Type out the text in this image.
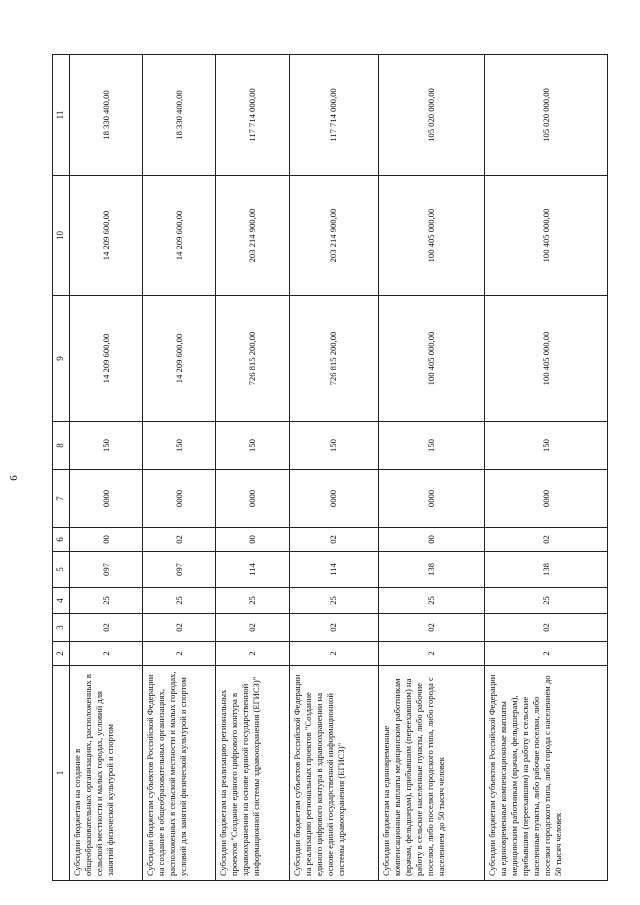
6
1	2	3	4	5	6	7	8	9	10	11
Субсидии бюджетам на создание в общеобразовательных организациях, расположенных в сельской местности и малых городах, условий для занятий физической культурой и спортом	2	02	25	097	00	0000	150	14 209 600,00	14 209 600,00	18 330 400,00
Субсидии бюджетам субъектов Российской Федерации на создание в общеобразовательных организациях, расположенных в сельской местности и малых городах, условий для занятий физической культурой и спортом	2	02	25	097	02	0000	150	14 209 600,00	14 209 600,00	18 330 400,00
Субсидии бюджетам на реализацию региональных проектов "Создание единого цифрового контура в здравоохранении на основе единой государственной информационной системы здравоохранения (ЕГИСЗ)"	2	02	25	114	00	0000	150	726 815 200,00	203 214 900,00	117 714 000,00
Субсидии бюджетам субъектов Российской Федерации на реализацию региональных проектов "Создание единого цифрового контура в здравоохранении на основе единой государственной информационной системы здравоохранения (ЕГИСЗ)"	2	02	25	114	02	0000	150	726 815 200,00	203 214 900,00	117 714 000,00
Субсидии бюджетам на единовременные компенсационные выплаты медицинским работникам (врачам, фельдшерам), прибывшим (переехавшим) на работу в сельские населенные пункты, либо рабочие поселки, либо поселки городского типа, либо города с населением до 50 тысяч человек	2	02	25	138	00	0000	150	100 405 000,00	100 405 000,00	105 020 000,00
Субсидии бюджетам субъектов Российской Федерации на единовременные компенсационные выплаты медицинским работникам (врачам, фельдшерам), прибывшим (переехавшим) на работу в сельские населенные пункты, либо рабочие поселки, либо поселки городского типа, либо города с населением до 50 тысяч человек	2	02	25	138	02	0000	150	100 405 000,00	100 405 000,00	105 020 000,00
